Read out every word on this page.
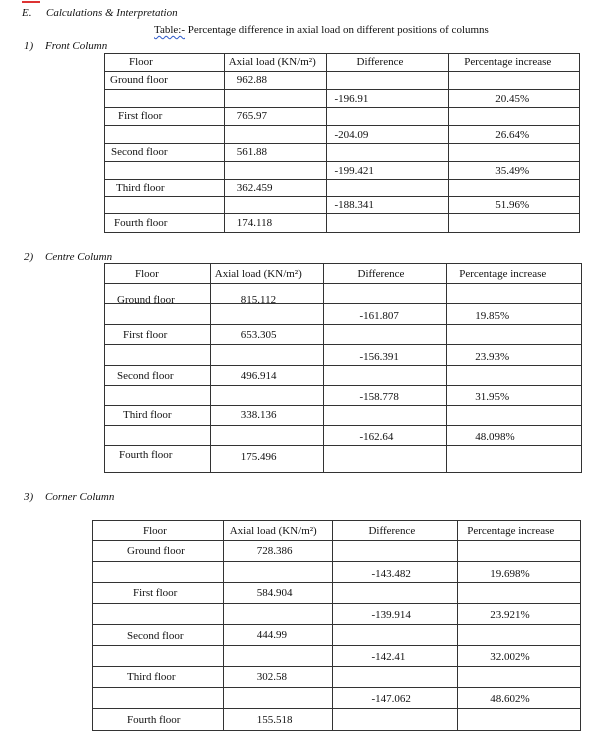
E. Calculations & Interpretation
Table:- Percentage difference in axial load on different positions of columns
1) Front Column
Floor	Axial load (KN/m²)	Difference	Percentage increase

Ground floor	962.88		

		-196.91	20.45%

First floor	765.97		

		-204.09	26.64%

Second floor	561.88		

		-199.421	35.49%

Third floor	362.459		

		-188.341	51.96%

Fourth floor	174.118		

2) Centre Column
Floor	Axial load (KN/m²)	Difference	Percentage increase

Ground floor	815.112		

		-161.807	19.85%

First floor	653.305		

		-156.391	23.93%

Second floor	496.914		

		-158.778	31.95%

Third floor	338.136		

		-162.64	48.098%

Fourth floor	175.496		

3) Corner Column
Floor	Axial load (KN/m²)	Difference	Percentage increase

Ground floor	728.386		

		-143.482	19.698%

First floor	584.904		

		-139.914	23.921%

Second floor	444.99		

		-142.41	32.002%

Third floor	302.58		

		-147.062	48.602%

Fourth floor	155.518		
